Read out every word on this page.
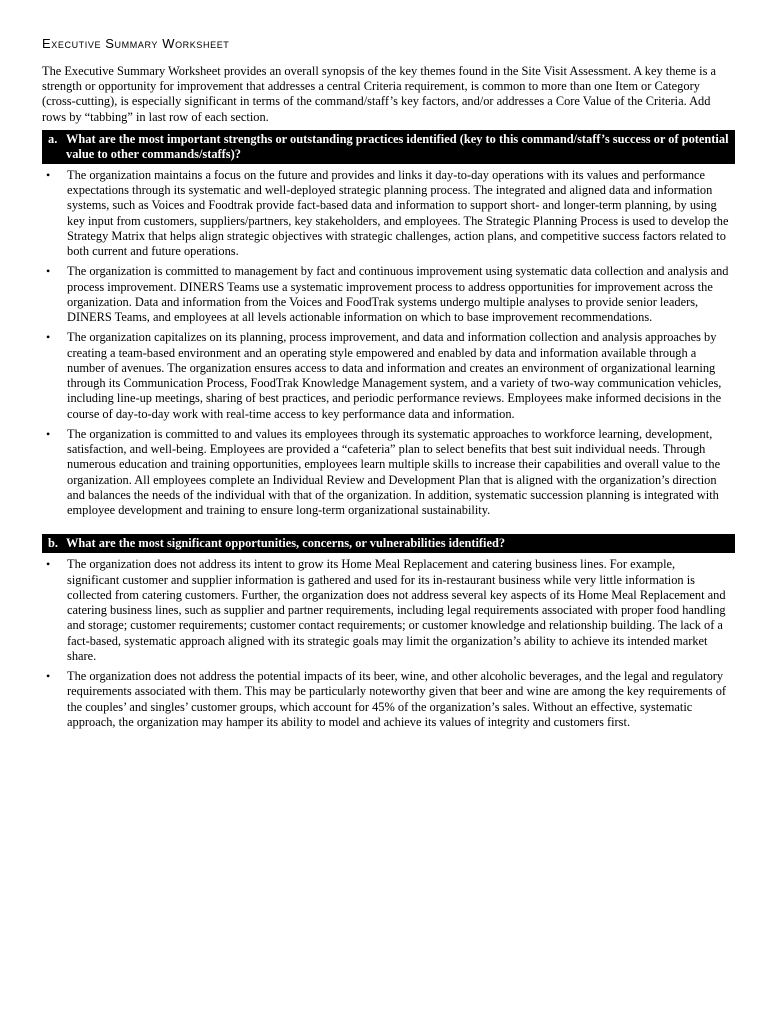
Executive Summary Worksheet

The Executive Summary Worksheet provides an overall synopsis of the key themes found in the Site Visit Assessment. A key theme is a strength or opportunity for improvement that addresses a central Criteria requirement, is common to more than one Item or Category (cross-cutting), is especially significant in terms of the command/staff’s key factors, and/or addresses a Core Value of the Criteria. Add rows by “tabbing” in last row of each section.

a. What are the most important strengths or outstanding practices identified (key to this command/staff’s success or of potential value to other commands/staffs)?
• The organization maintains a focus on the future and provides and links it day-to-day operations with its values and performance expectations through its systematic and well-deployed strategic planning process. The integrated and aligned data and information systems, such as Voices and Foodtrak provide fact-based data and information to support short- and longer-term planning, by using key input from customers, suppliers/partners, key stakeholders, and employees. The Strategic Planning Process is used to develop the Strategy Matrix that helps align strategic objectives with strategic challenges, action plans, and competitive success factors related to both current and future operations.
• The organization is committed to management by fact and continuous improvement using systematic data collection and analysis and process improvement. DINERS Teams use a systematic improvement process to address opportunities for improvement across the organization. Data and information from the Voices and FoodTrak systems undergo multiple analyses to provide senior leaders, DINERS Teams, and employees at all levels actionable information on which to base improvement recommendations.
• The organization capitalizes on its planning, process improvement, and data and information collection and analysis approaches by creating a team-based environment and an operating style empowered and enabled by data and information available through a number of avenues. The organization ensures access to data and information and creates an environment of organizational learning through its Communication Process, FoodTrak Knowledge Management system, and a variety of two-way communication vehicles, including line-up meetings, sharing of best practices, and periodic performance reviews. Employees make informed decisions in the course of day-to-day work with real-time access to key performance data and information.
• The organization is committed to and values its employees through its systematic approaches to workforce learning, development, satisfaction, and well-being. Employees are provided a “cafeteria” plan to select benefits that best suit individual needs. Through numerous education and training opportunities, employees learn multiple skills to increase their capabilities and overall value to the organization. All employees complete an Individual Review and Development Plan that is aligned with the organization’s direction and balances the needs of the individual with that of the organization. In addition, systematic succession planning is integrated with employee development and training to ensure long-term organizational sustainability.
b. What are the most significant opportunities, concerns, or vulnerabilities identified?
• The organization does not address its intent to grow its Home Meal Replacement and catering business lines. For example, significant customer and supplier information is gathered and used for its in-restaurant business while very little information is collected from catering customers. Further, the organization does not address several key aspects of its Home Meal Replacement and catering business lines, such as supplier and partner requirements, including legal requirements associated with proper food handling and storage; customer requirements; customer contact requirements; or customer knowledge and relationship building. The lack of a fact-based, systematic approach aligned with its strategic goals may limit the organization’s ability to achieve its intended market share.
• The organization does not address the potential impacts of its beer, wine, and other alcoholic beverages, and the legal and regulatory requirements associated with them. This may be particularly noteworthy given that beer and wine are among the key requirements of the couples’ and singles’ customer groups, which account for 45% of the organization’s sales. Without an effective, systematic approach, the organization may hamper its ability to model and achieve its values of integrity and customers first.
